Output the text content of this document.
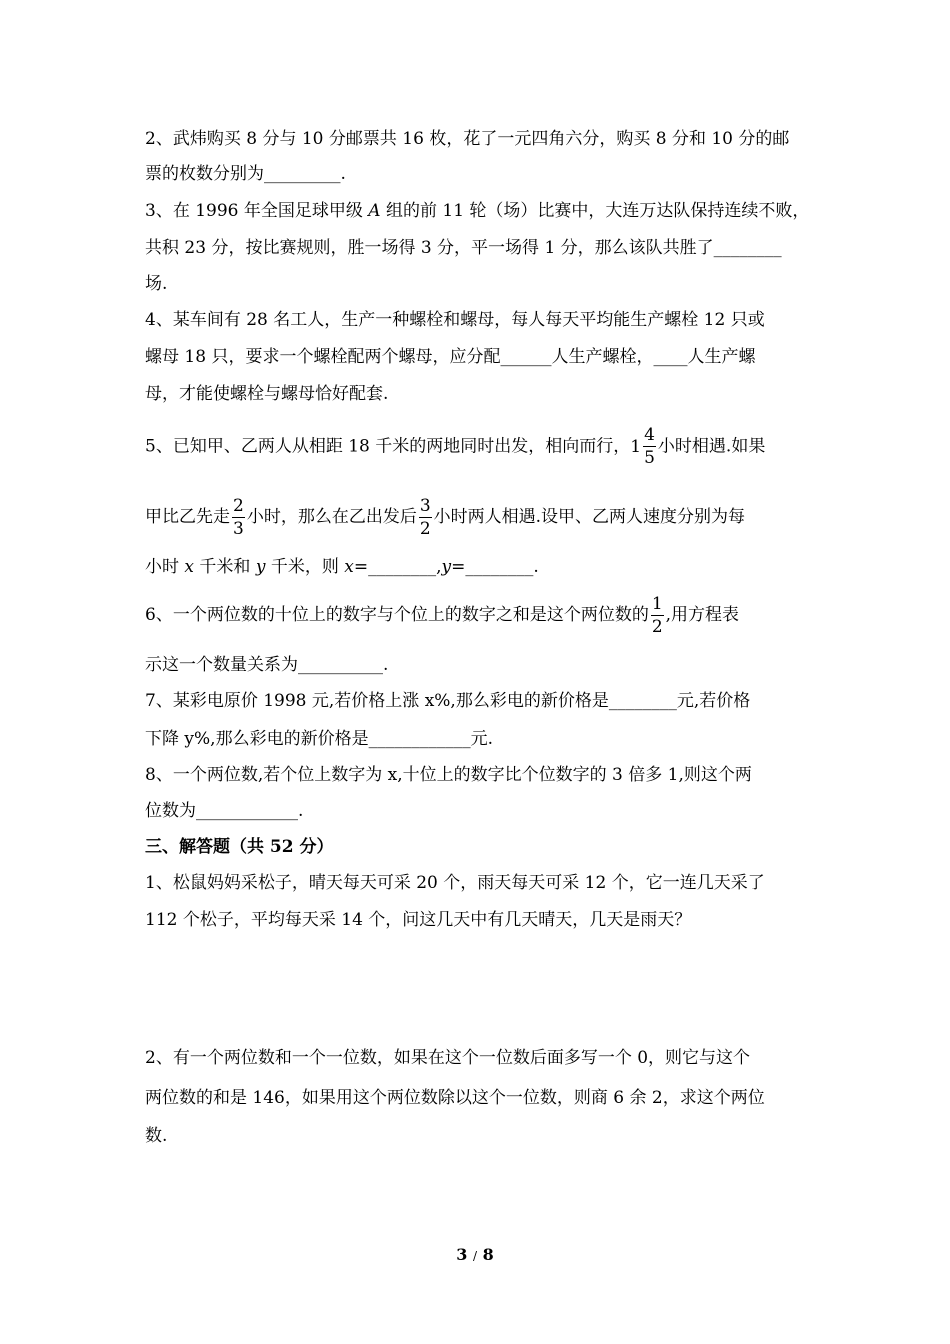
2、武炜购买 8 分与 10 分邮票共 16 枚，花了一元四角六分，购买 8 分和 10 分的邮
票的枚数分别为_________.
3、在 1996 年全国足球甲级 A 组的前 11 轮（场）比赛中，大连万达队保持连续不败，
共积 23 分，按比赛规则，胜一场得 3 分，平一场得 1 分，那么该队共胜了________
场.
4、某车间有 28 名工人，生产一种螺栓和螺母，每人每天平均能生产螺栓 12 只或
螺母 18 只，要求一个螺栓配两个螺母，应分配______人生产螺栓，____人生产螺
母，才能使螺栓与螺母恰好配套.
5、已知甲、乙两人从相距 18 千米的两地同时出发，相向而行， $1 \frac{4}{5}$ 小时相遇.如果
甲比乙先走 $\frac{2}{3}$ 小时，那么在乙出发后 $\frac{3}{2}$ 小时两人相遇.设甲、乙两人速度分别为每
小时 x 千米和 y 千米，则 x=________,y=________.
6、一个两位数的十位上的数字与个位上的数字之和是这个两位数的 $\frac{1}{2}$ ,用方程表
示这一个数量关系为__________.
7、某彩电原价 1998 元,若价格上涨 x%,那么彩电的新价格是________元,若价格
下降 y%,那么彩电的新价格是____________元.
8、一个两位数,若个位上数字为 x,十位上的数字比个位数字的 3 倍多 1,则这个两
位数为____________.
三、解答题（共 52 分）
1、松鼠妈妈采松子，晴天每天可采 20 个，雨天每天可采 12 个，它一连几天采了
112 个松子，平均每天采 14 个，问这几天中有几天晴天，几天是雨天？
2、有一个两位数和一个一位数，如果在这个一位数后面多写一个 0，则它与这个
两位数的和是 146，如果用这个两位数除以这个一位数，则商 6 余 2，求这个两位
数.
3 / 8
